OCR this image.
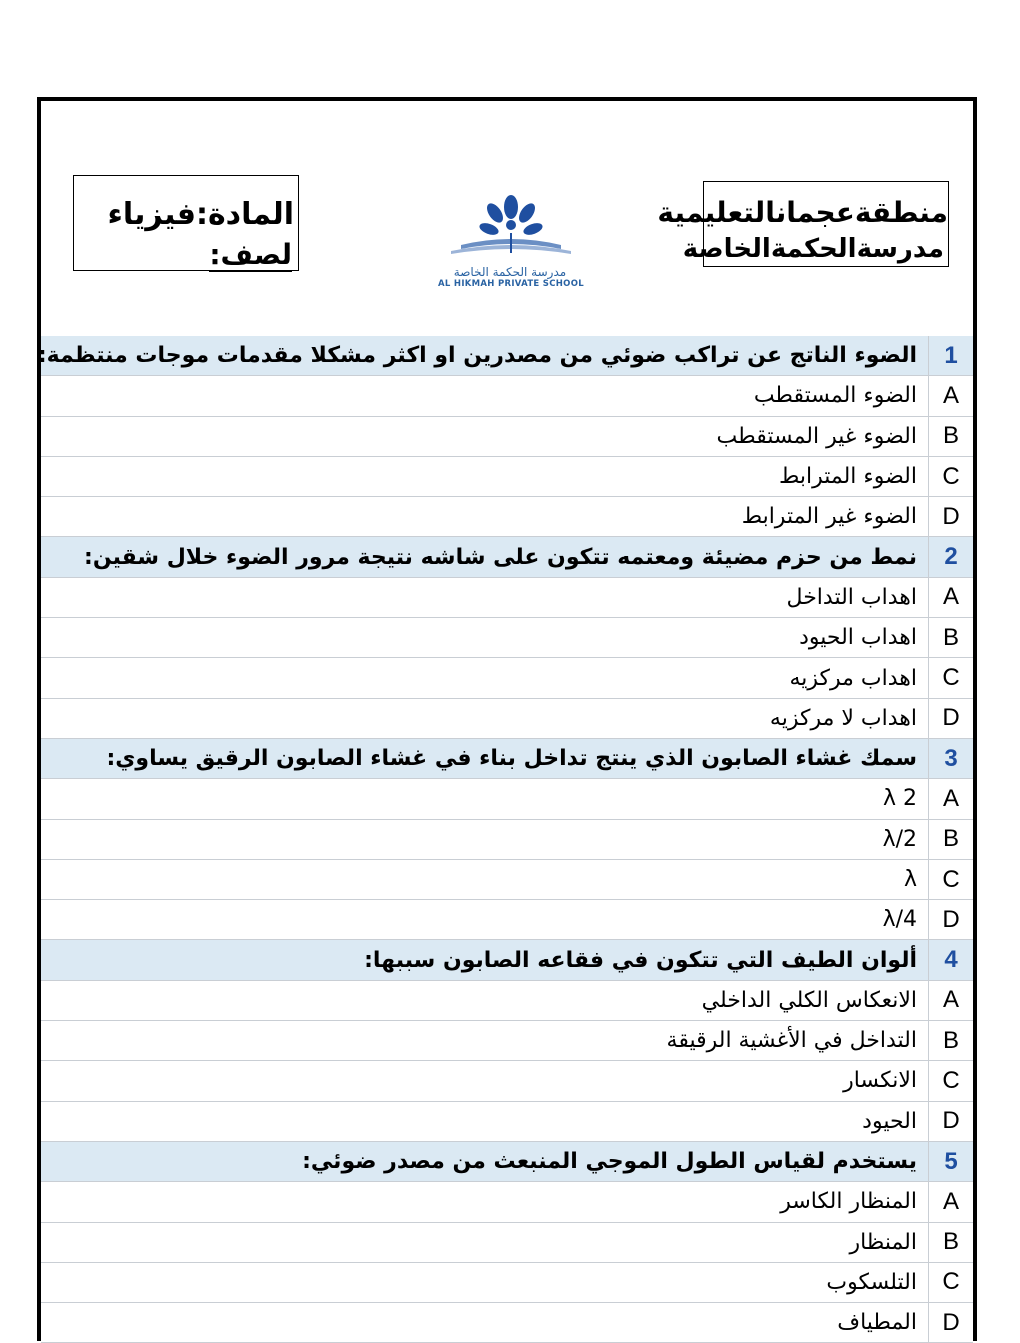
المادة:فيزياء
لصف:
مدرسة الحكمة الخاصة
AL HIKMAH PRIVATE SCHOOL
منطقةعجمانالتعليمية
مدرسةالحكمةالخاصة
1
الضوء الناتج عن تراكب ضوئي من مصدرين او اكثر مشكلا مقدمات موجات منتظمة:
A
الضوء المستقطب
B
الضوء غير المستقطب
C
الضوء المترابط
D
الضوء غير المترابط
2
نمط من حزم مضيئة ومعتمه تتكون على شاشه نتيجة مرور الضوء خلال شقين:
A
اهداب التداخل
B
اهداب الحيود
C
اهداب مركزيه
D
اهداب لا مركزيه
3
سمك غشاء الصابون الذي ينتج تداخل بناء في غشاء الصابون الرقيق يساوي:
A
2 λ
B
λ/2
C
λ
D
λ/4
4
ألوان الطيف التي تتكون في فقاعه الصابون سببها:
A
الانعكاس الكلي الداخلي
B
التداخل في الأغشية الرقيقة
C
الانكسار
D
الحيود
5
يستخدم لقياس الطول الموجي المنبعث من مصدر ضوئي:
A
المنظار الكاسر
B
المنظار
C
التلسكوب
D
المطياف
